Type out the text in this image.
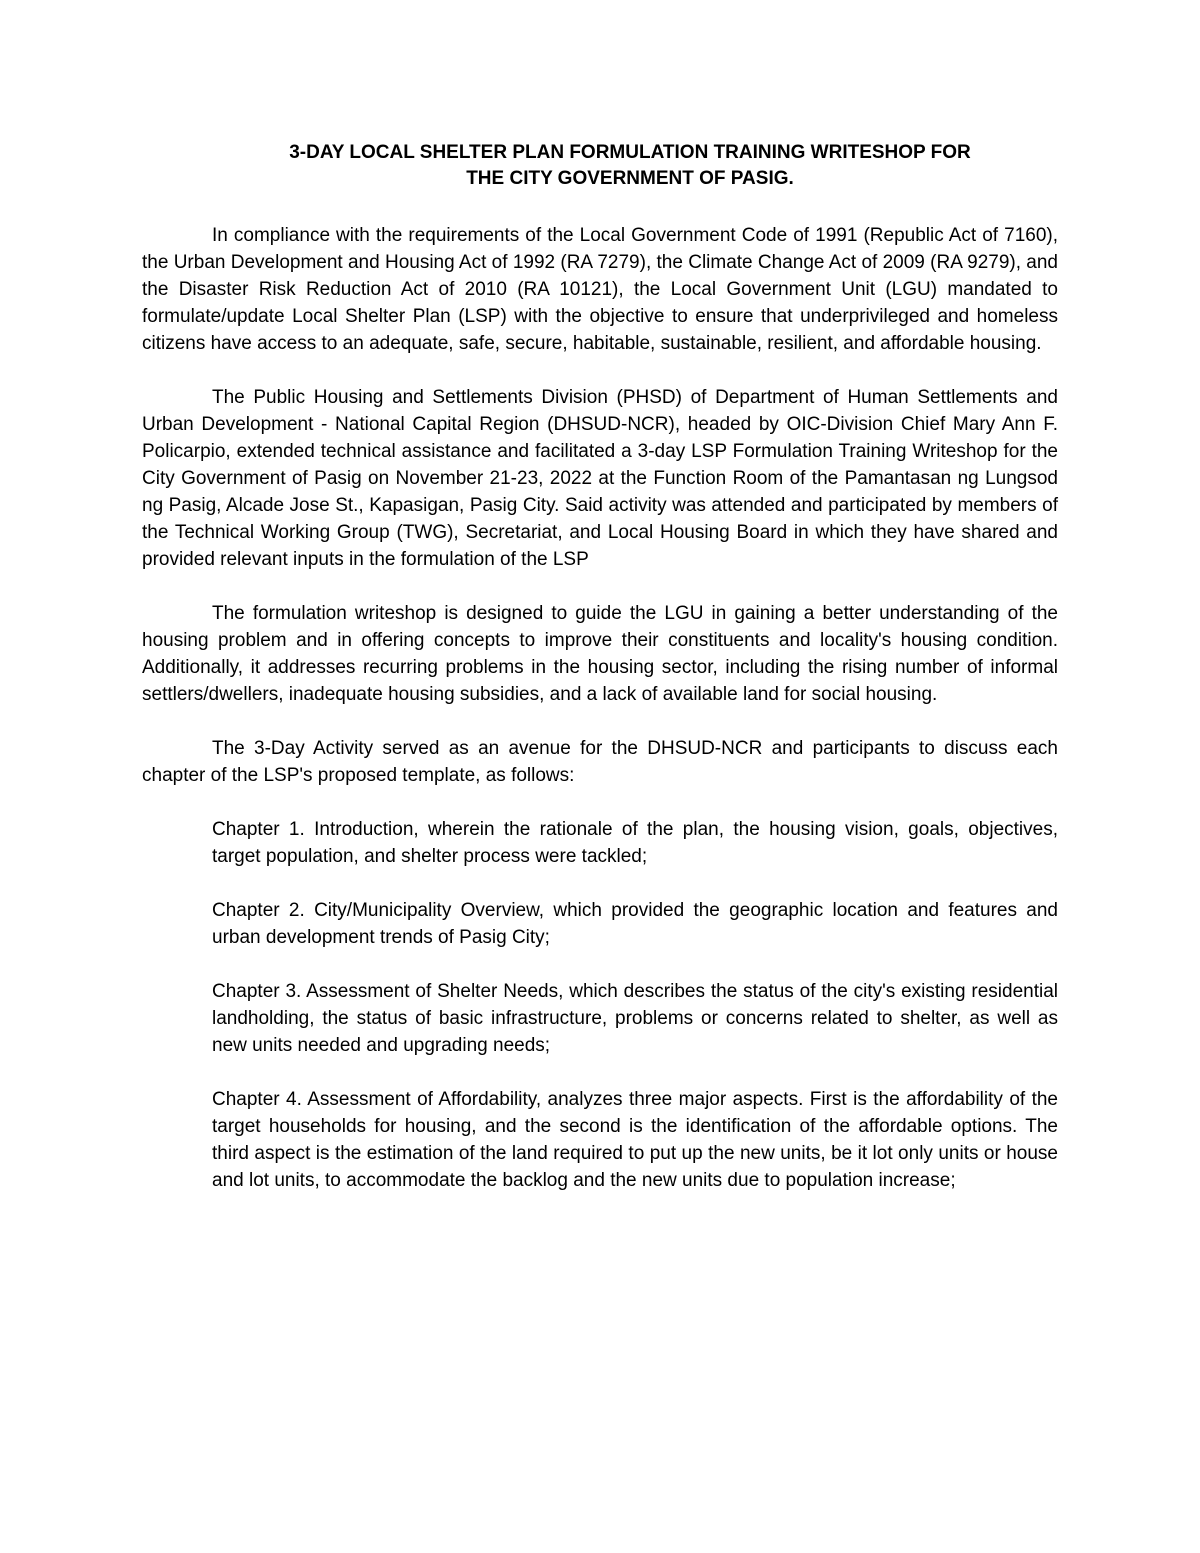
3-DAY LOCAL SHELTER PLAN FORMULATION TRAINING WRITESHOP FOR
THE CITY GOVERNMENT OF PASIG.

In compliance with the requirements of the Local Government Code of 1991 (Republic Act of 7160), the Urban Development and Housing Act of 1992 (RA 7279), the Climate Change Act of 2009 (RA 9279), and the Disaster Risk Reduction Act of 2010 (RA 10121), the Local Government Unit (LGU) mandated to formulate/update Local Shelter Plan (LSP) with the objective to ensure that underprivileged and homeless citizens have access to an adequate, safe, secure, habitable, sustainable, resilient, and affordable housing.

The Public Housing and Settlements Division (PHSD) of Department of Human Settlements and Urban Development - National Capital Region (DHSUD-NCR), headed by OIC-Division Chief Mary Ann F. Policarpio, extended technical assistance and facilitated a 3-day LSP Formulation Training Writeshop for the City Government of Pasig on November 21-23, 2022 at the Function Room of the Pamantasan ng Lungsod ng Pasig, Alcade Jose St., Kapasigan, Pasig City. Said activity was attended and participated by members of the Technical Working Group (TWG), Secretariat, and Local Housing Board in which they have shared and provided relevant inputs in the formulation of the LSP

The formulation writeshop is designed to guide the LGU in gaining a better understanding of the housing problem and in offering concepts to improve their constituents and locality's housing condition. Additionally, it addresses recurring problems in the housing sector, including the rising number of informal settlers/dwellers, inadequate housing subsidies, and a lack of available land for social housing.

The 3-Day Activity served as an avenue for the DHSUD-NCR and participants to discuss each chapter of the LSP's proposed template, as follows:

Chapter 1. Introduction, wherein the rationale of the plan, the housing vision, goals, objectives, target population, and shelter process were tackled;

Chapter 2. City/Municipality Overview, which provided the geographic location and features and urban development trends of Pasig City;

Chapter 3. Assessment of Shelter Needs, which describes the status of the city's existing residential landholding, the status of basic infrastructure, problems or concerns related to shelter, as well as new units needed and upgrading needs;

Chapter 4. Assessment of Affordability, analyzes three major aspects. First is the affordability of the target households for housing, and the second is the identification of the affordable options. The third aspect is the estimation of the land required to put up the new units, be it lot only units or house and lot units, to accommodate the backlog and the new units due to population increase;
